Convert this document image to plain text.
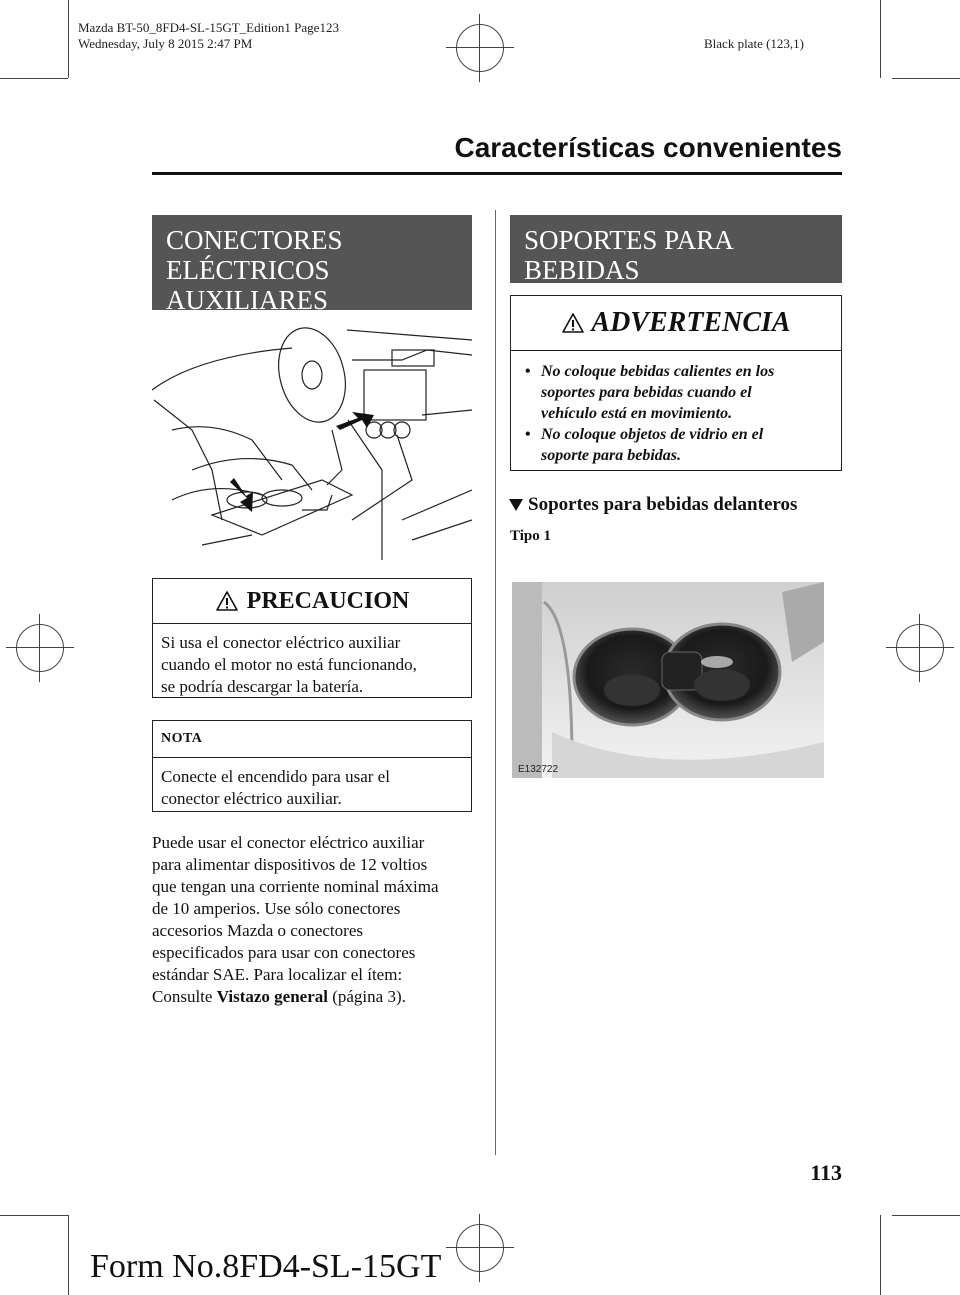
Mazda BT-50_8FD4-SL-15GT_Edition1 Page123
Wednesday, July 8 2015 2:47 PM	Black plate (123,1)
Características convenientes
CONECTORES
ELÉCTRICOS
AUXILIARES
PRECAUCION
Si usa el conector eléctrico auxiliar
cuando el motor no está funcionando,
se podría descargar la batería.
NOTA
Conecte el encendido para usar el
conector eléctrico auxiliar.
Puede usar el conector eléctrico auxiliar
para alimentar dispositivos de 12 voltios
que tengan una corriente nominal máxima
de 10 amperios. Use sólo conectores
accesorios Mazda o conectores
especificados para usar con conectores
estándar SAE. Para localizar el ítem:
Consulte Vistazo general (página 3).
SOPORTES PARA
BEBIDAS
ADVERTENCIA
• No coloque bebidas calientes en los
soportes para bebidas cuando el
vehículo está en movimiento.
• No coloque objetos de vidrio en el
soporte para bebidas.
Soportes para bebidas delanteros
Tipo 1
E132722
113
Form No.8FD4-SL-15GT
